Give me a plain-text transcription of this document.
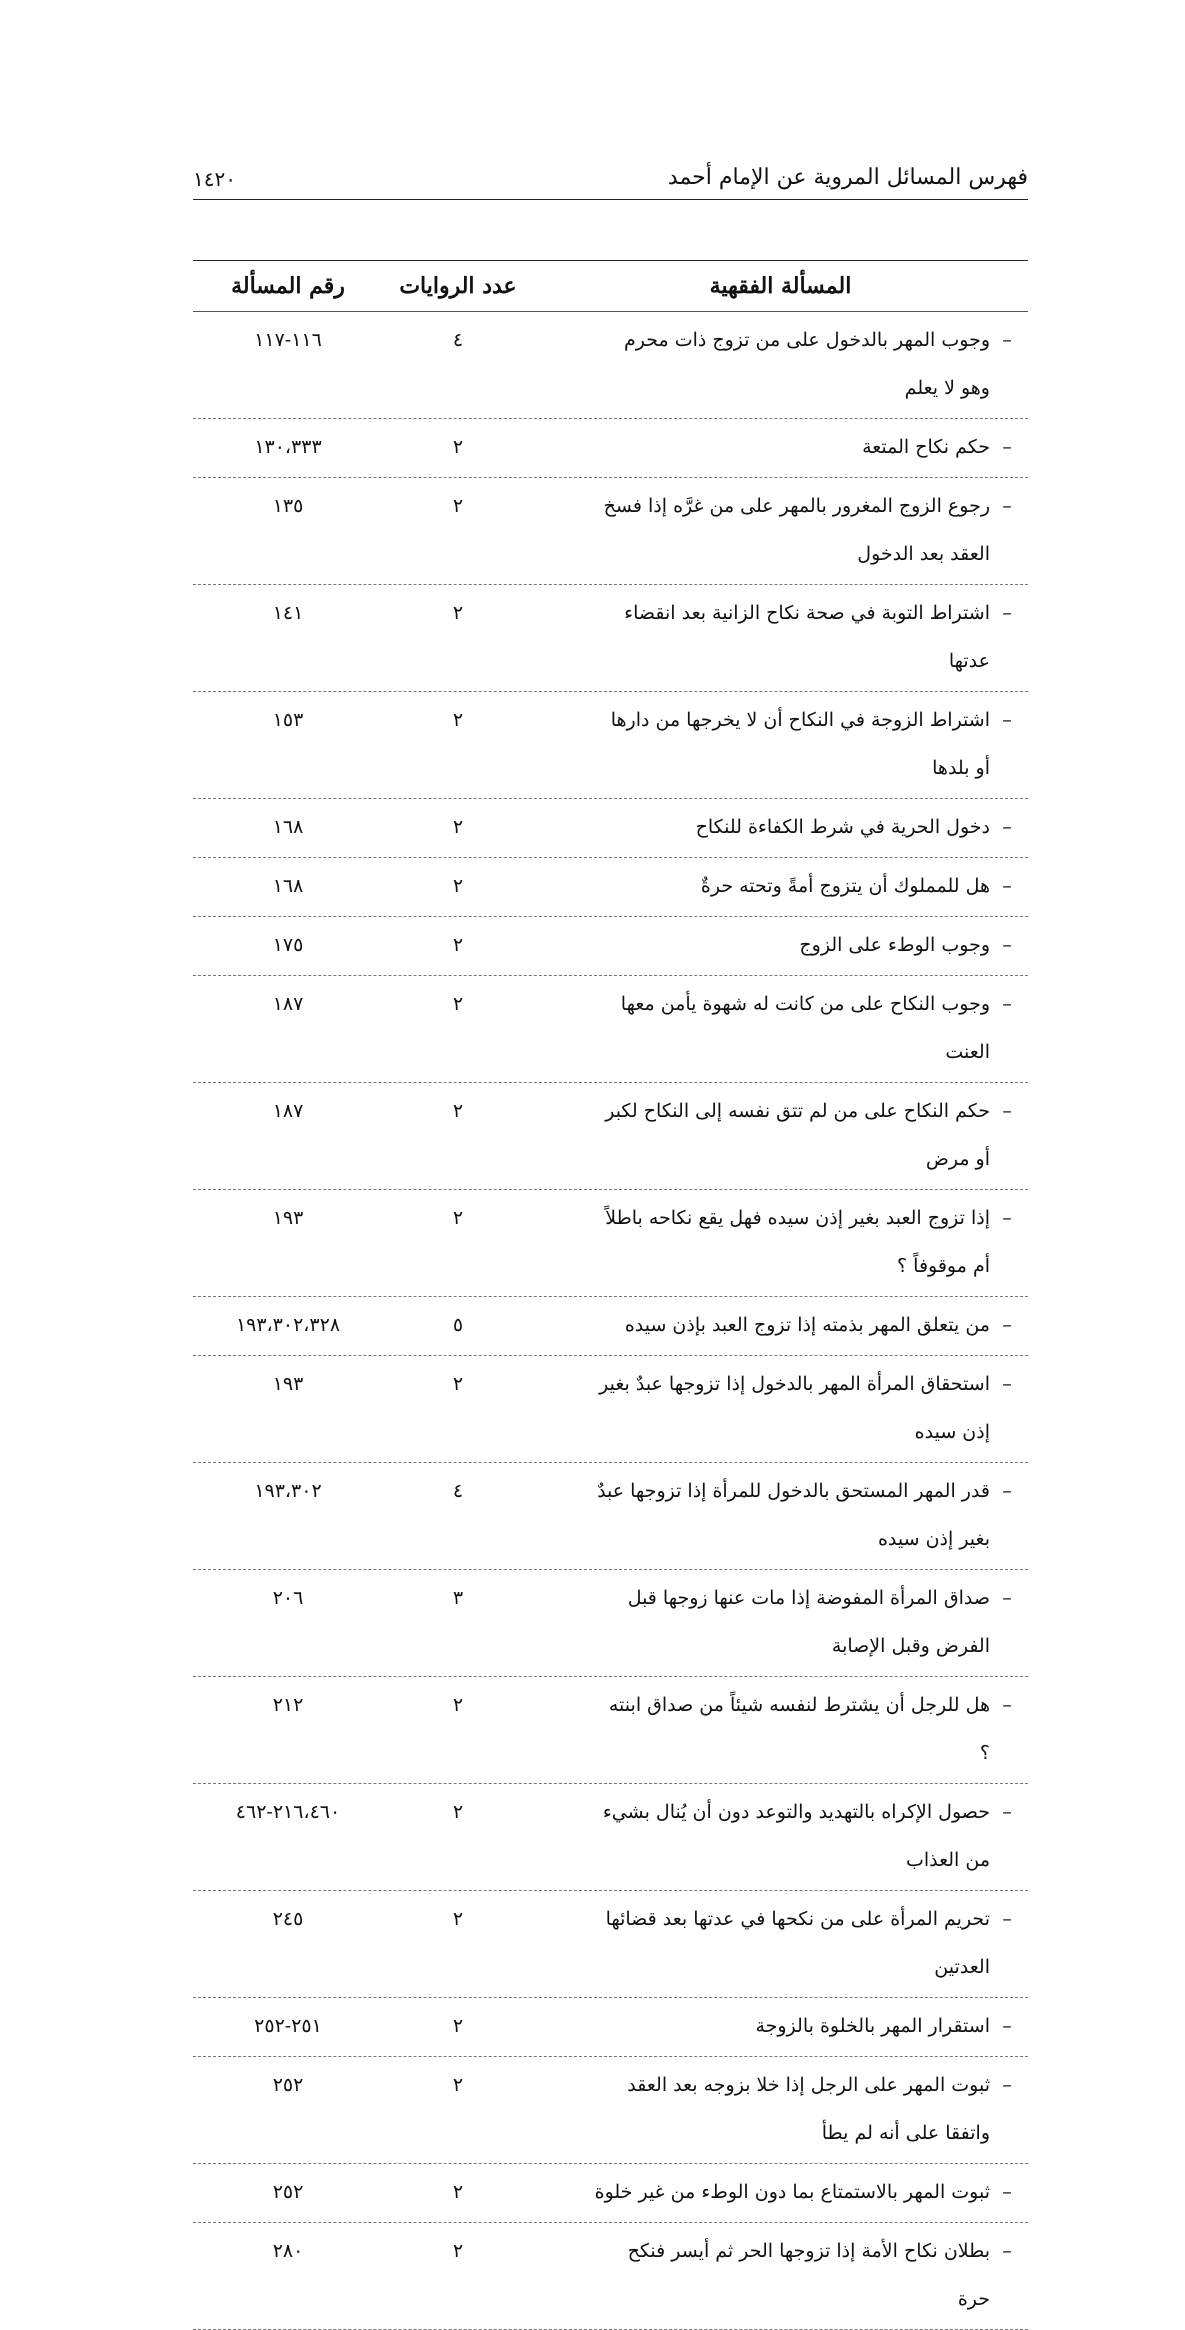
فهرس المسائل المروية عن الإمام أحمد
١٤٢٠
المسألة الفقهية
عدد الروايات
رقم المسألة
–
وجوب المهر بالدخول على من تزوج ذات محرم وهو لا يعلم
٤
١١٦-١١٧
–
حكم نكاح المتعة
٢
١٣٠،٣٣٣
–
رجوع الزوج المغرور بالمهر على من غرَّه إذا فسخ العقد بعد الدخول
٢
١٣٥
–
اشتراط التوبة في صحة نكاح الزانية بعد انقضاء عدتها
٢
١٤١
–
اشتراط الزوجة في النكاح أن لا يخرجها من دارها أو بلدها
٢
١٥٣
–
دخول الحرية في شرط الكفاءة للنكاح
٢
١٦٨
–
هل للمملوك أن يتزوج أمةً وتحته حرةٌ
٢
١٦٨
–
وجوب الوطء على الزوج
٢
١٧٥
–
وجوب النكاح على من كانت له شهوة يأمن معها العنت
٢
١٨٧
–
حكم النكاح على من لم تتق نفسه إلى النكاح لكبر أو مرض
٢
١٨٧
–
إذا تزوج العبد بغير إذن سيده فهل يقع نكاحه باطلاً أم موقوفاً ؟
٢
١٩٣
–
من يتعلق المهر بذمته إذا تزوج العبد بإذن سيده
٥
١٩٣،٣٠٢،٣٢٨
–
استحقاق المرأة المهر بالدخول إذا تزوجها عبدٌ بغير إذن سيده
٢
١٩٣
–
قدر المهر المستحق بالدخول للمرأة إذا تزوجها عبدٌ بغير إذن سيده
٤
١٩٣،٣٠٢
–
صداق المرأة المفوضة إذا مات عنها زوجها قبل الفرض وقبل الإصابة
٣
٢٠٦
–
هل للرجل أن يشترط لنفسه شيئاً من صداق ابنته ؟
٢
٢١٢
–
حصول الإكراه بالتهديد والتوعد دون أن يُنال بشيء من العذاب
٢
٢١٦،٤٦٠-٤٦٢
–
تحريم المرأة على من نكحها في عدتها بعد قضائها العدتين
٢
٢٤٥
–
استقرار المهر بالخلوة بالزوجة
٢
٢٥١-٢٥٢
–
ثبوت المهر على الرجل إذا خلا بزوجه بعد العقد واتفقا على أنه لم يطأ
٢
٢٥٢
–
ثبوت المهر بالاستمتاع بما دون الوطء من غير خلوة
٢
٢٥٢
–
بطلان نكاح الأمة إذا تزوجها الحر ثم أيسر فنكح حرة
٢
٢٨٠
